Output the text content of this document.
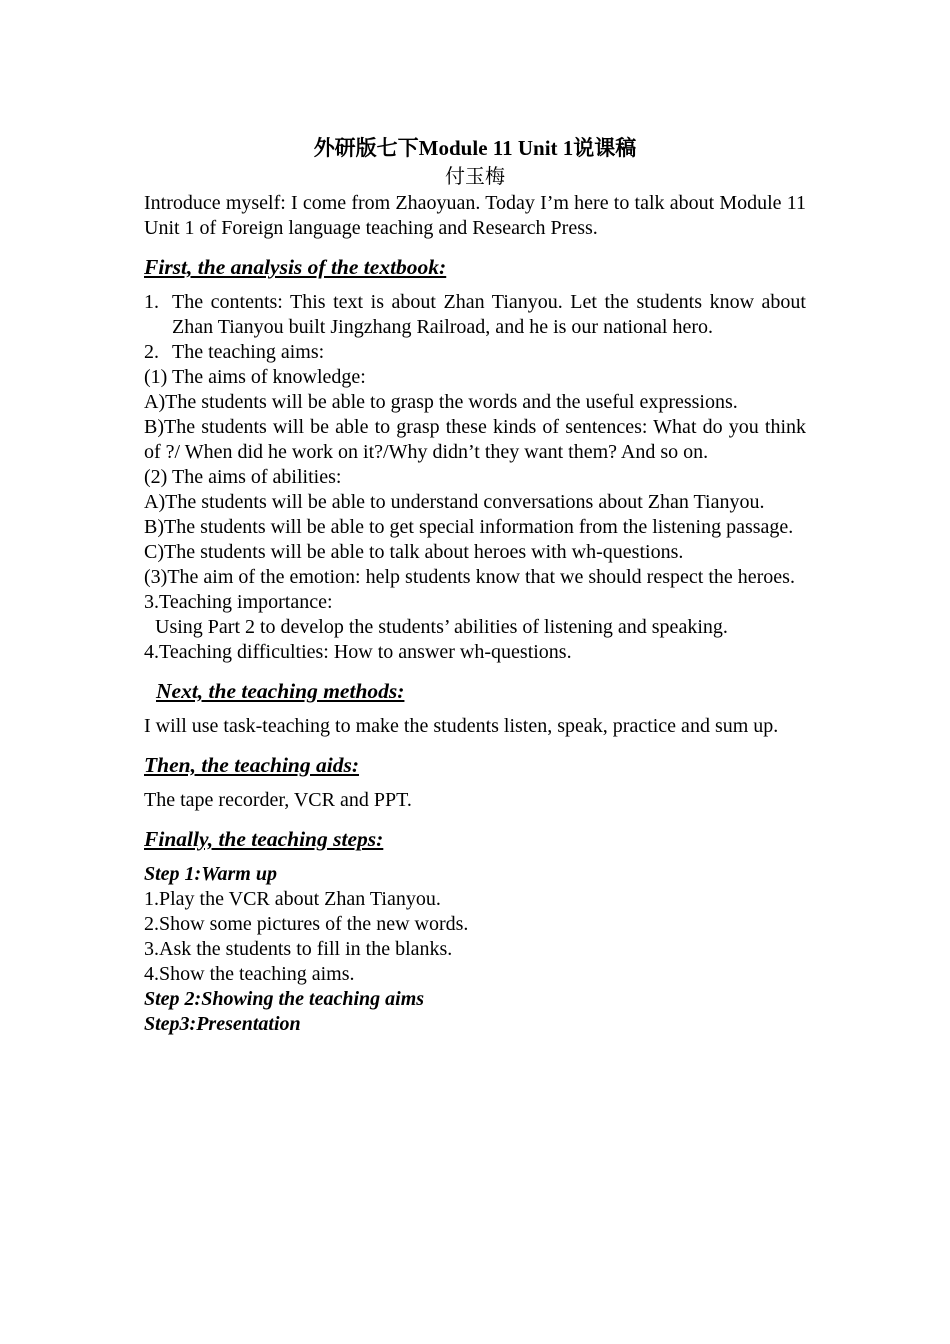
外研版七下Module 11 Unit 1说课稿

付玉梅

Introduce myself: I come from Zhaoyuan. Today I’m here to talk about Module 11 Unit 1 of Foreign language teaching and Research Press.

First, the analysis of the textbook:

1. The contents: This text is about Zhan Tianyou. Let the students know about Zhan Tianyou built Jingzhang Railroad, and he is our national hero.
2. The teaching aims:
(1) The aims of knowledge:

A)The students will be able to grasp the words and the useful expressions.

B)The students will be able to grasp these kinds of sentences: What do you think of ?/ When did he work on it?/Why didn’t they want them? And so on.

(2) The aims of abilities:

A)The students will be able to understand conversations about Zhan Tianyou.

B)The students will be able to get special information from the listening passage.

C)The students will be able to talk about heroes with wh-questions.

(3)The aim of the emotion: help students know that we should respect the heroes.

3.Teaching importance:

Using Part 2 to develop the students’ abilities of listening and speaking.

4.Teaching difficulties: How to answer wh-questions.

Next, the teaching methods:

I will use task-teaching to make the students listen, speak, practice and sum up.

Then, the teaching aids:

The tape recorder, VCR and PPT.

Finally, the teaching steps:

Step 1:Warm up

1.Play the VCR about Zhan Tianyou.

2.Show some pictures of the new words.

3.Ask the students to fill in the blanks.

4.Show the teaching aims.

Step 2:Showing the teaching aims

Step3:Presentation
